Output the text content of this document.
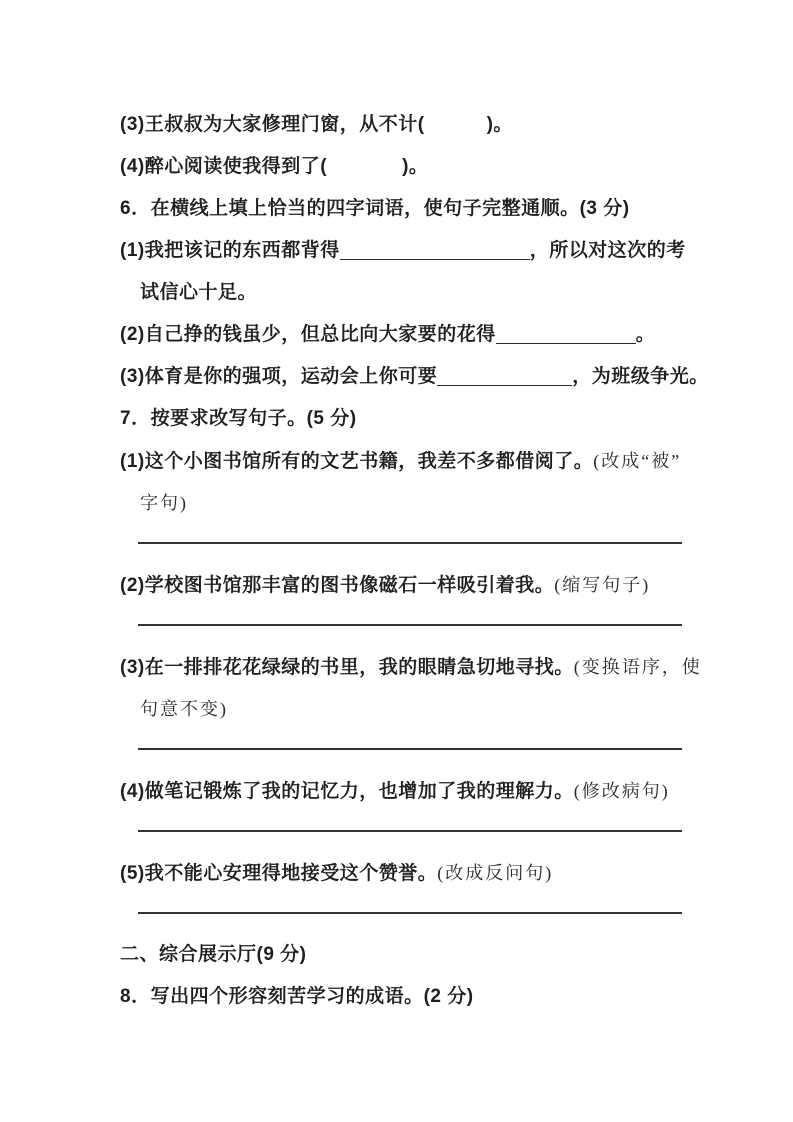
(3)王叔叔为大家修理门窗，从不计(	)。
(4)醉心阅读使我得到了(	)。
6．在横线上填上恰当的四字词语，使句子完整通顺。(3 分)
(1)我把该记的东西都背得	，所以对这次的考
试信心十足。
(2)自己挣的钱虽少，但总比向大家要的花得	。
(3)体育是你的强项，运动会上你可要	，为班级争光。
7．按要求改写句子。(5 分)
(1)这个小图书馆所有的文艺书籍，我差不多都借阅了。(改成“被”
字句)
(2)学校图书馆那丰富的图书像磁石一样吸引着我。(缩写句子)
(3)在一排排花花绿绿的书里，我的眼睛急切地寻找。(变换语序，使
句意不变)
(4)做笔记锻炼了我的记忆力，也增加了我的理解力。(修改病句)
(5)我不能心安理得地接受这个赞誉。(改成反问句)
二、综合展示厅(9 分)
8．写出四个形容刻苦学习的成语。(2 分)
